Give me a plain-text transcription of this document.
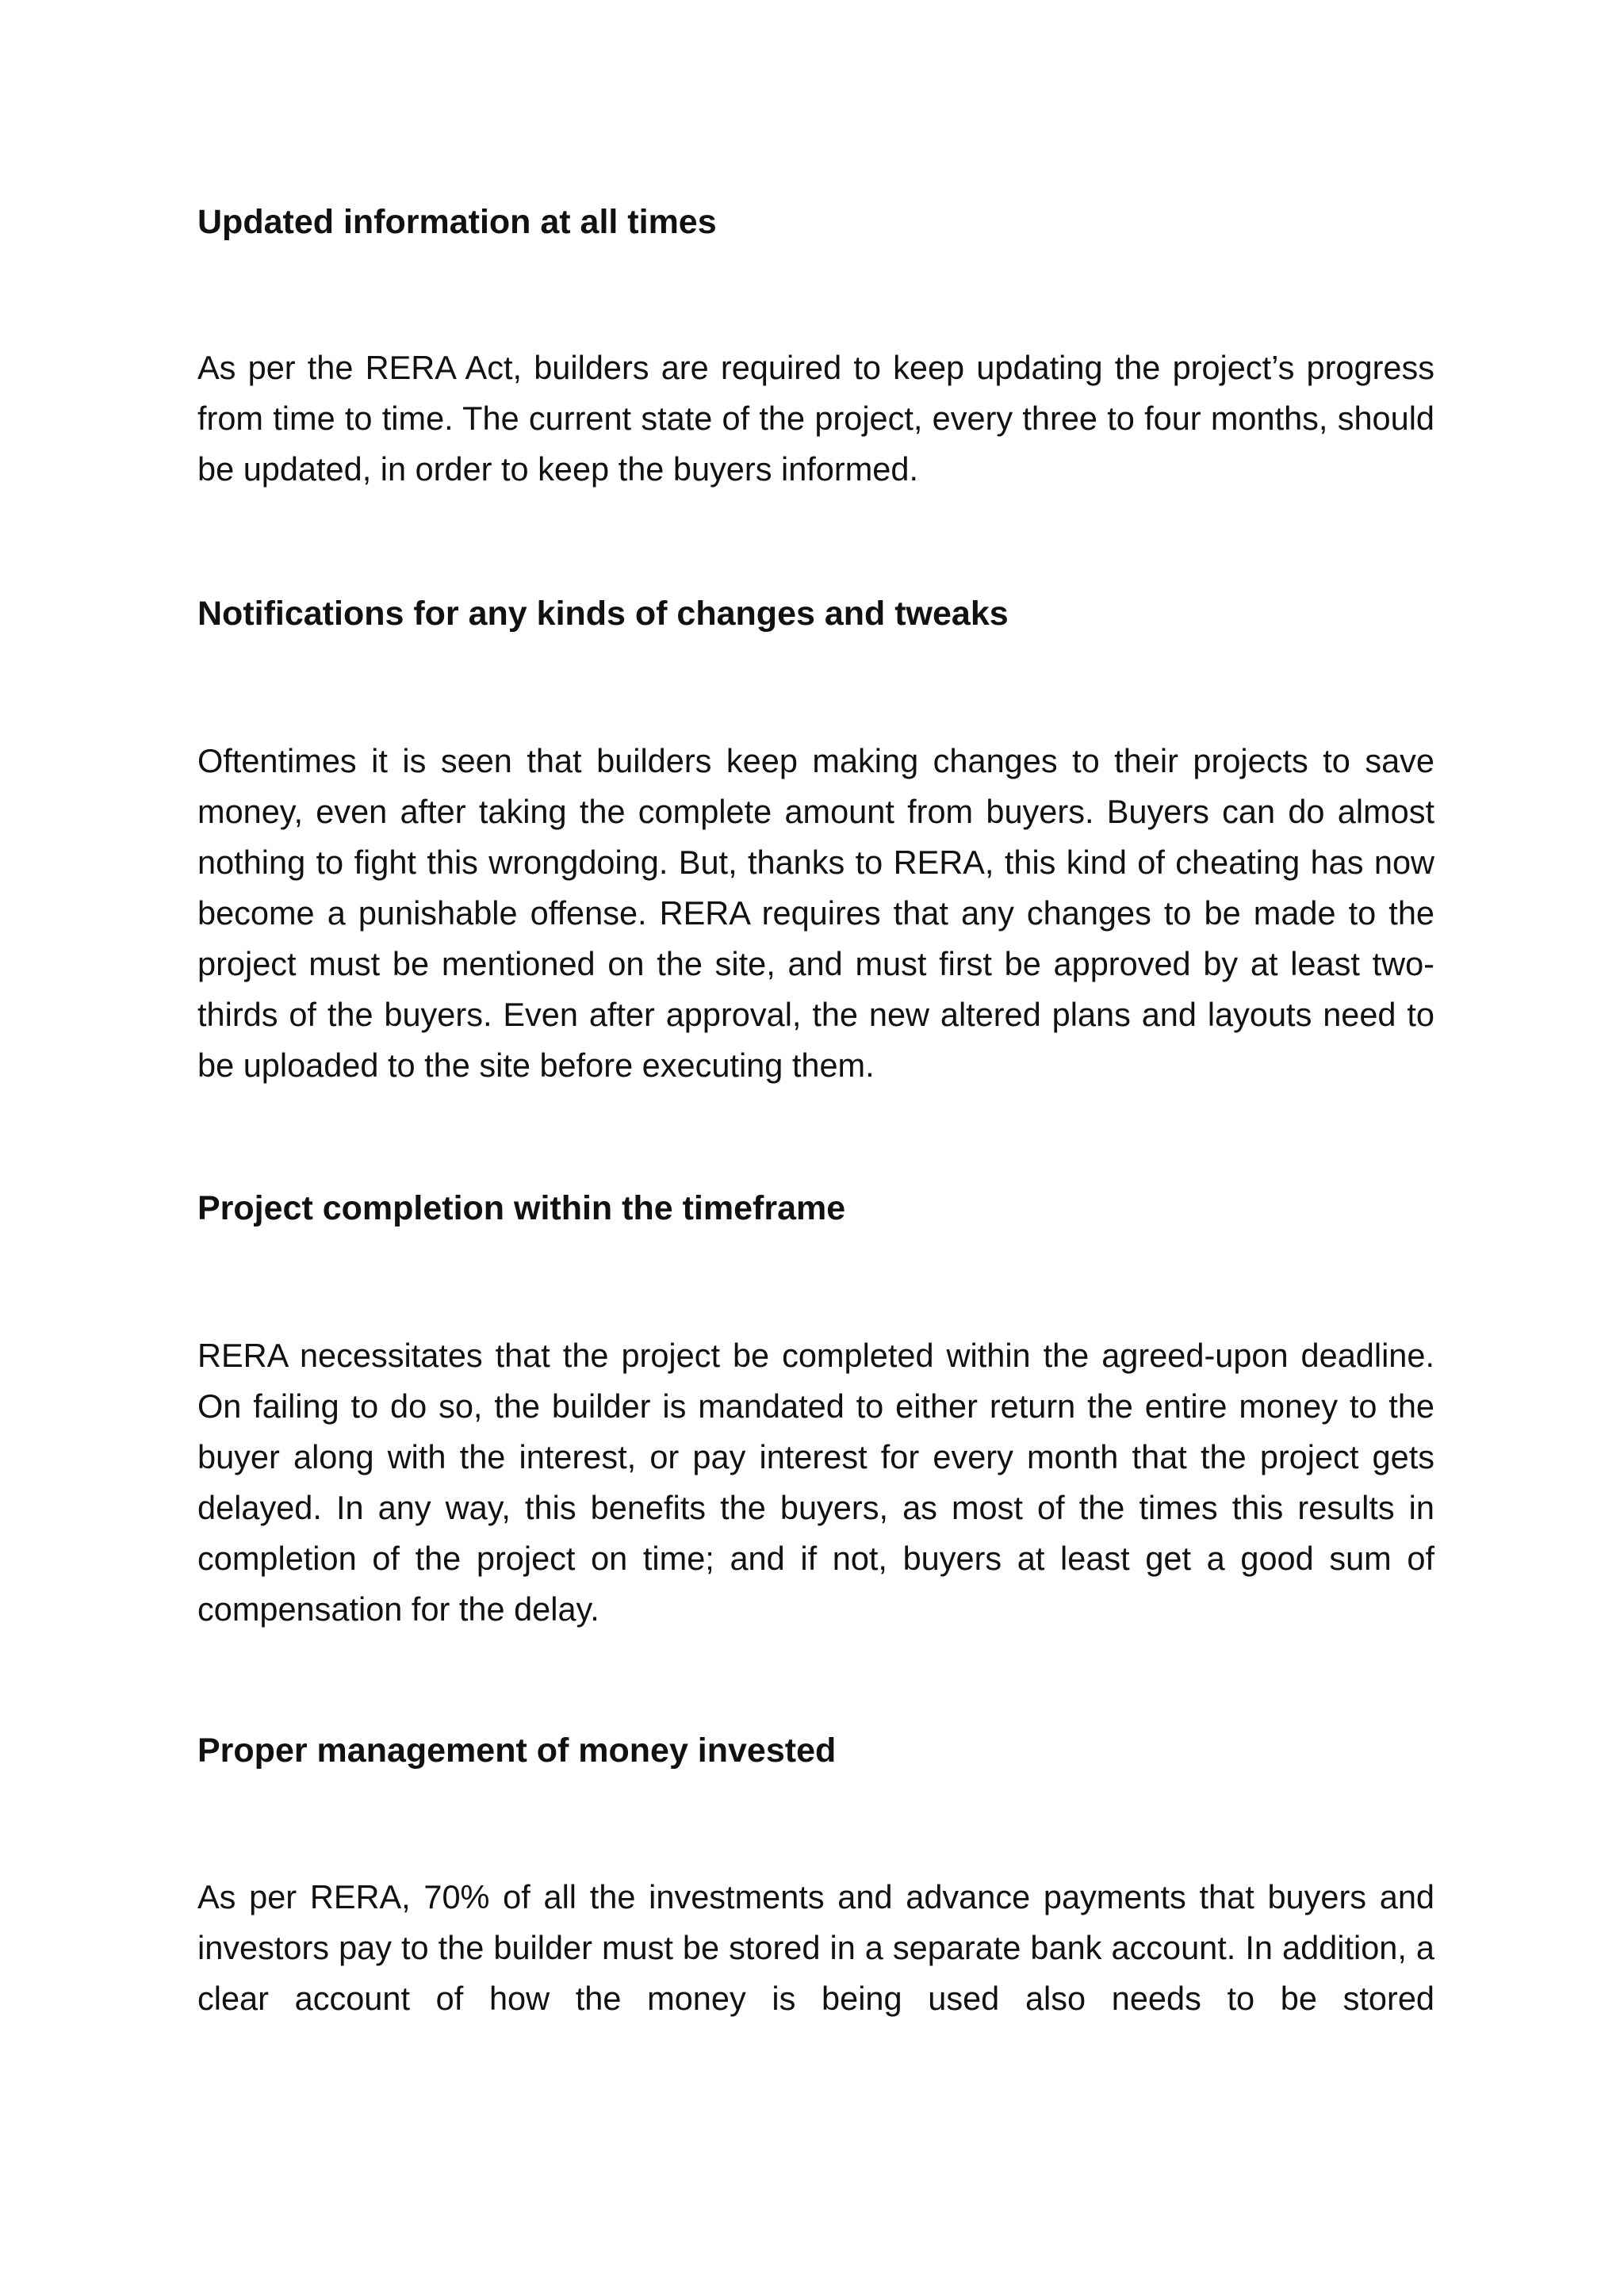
Updated information at all times

As per the RERA Act, builders are required to keep updating the project’s progress from time to time. The current state of the project, every three to four months, should be updated, in order to keep the buyers informed.

Notifications for any kinds of changes and tweaks

Oftentimes it is seen that builders keep making changes to their projects to save money, even after taking the complete amount from buyers. Buyers can do almost nothing to fight this wrongdoing. But, thanks to RERA, this kind of cheating has now become a punishable offense. RERA requires that any changes to be made to the project must be mentioned on the site, and must first be approved by at least two-thirds of the buyers. Even after approval, the new altered plans and layouts need to be uploaded to the site before executing them.

Project completion within the timeframe

RERA necessitates that the project be completed within the agreed-upon deadline. On failing to do so, the builder is mandated to either return the entire money to the buyer along with the interest, or pay interest for every month that the project gets delayed. In any way, this benefits the buyers, as most of the times this results in completion of the project on time; and if not, buyers at least get a good sum of compensation for the delay.

Proper management of money invested

As per RERA, 70% of all the investments and advance payments that buyers and investors pay to the builder must be stored in a separate bank account. In addition, a clear account of how the money is being used also needs to be stored
